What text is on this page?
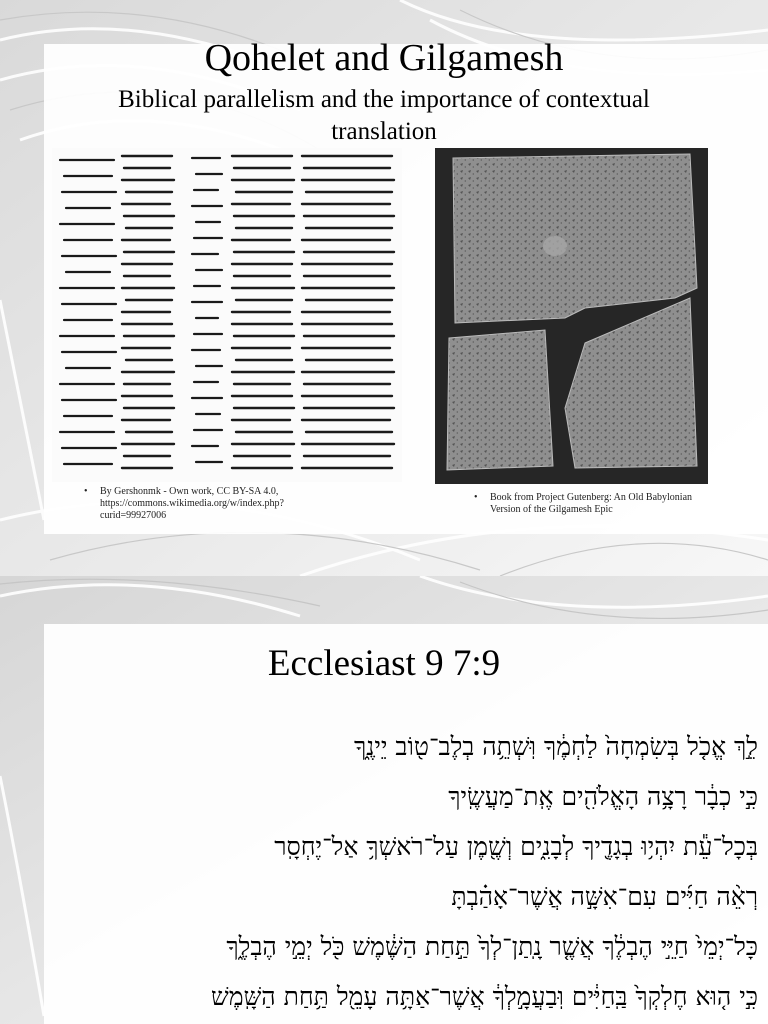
Qohelet and Gilgamesh
Biblical parallelism and the importance of contextual translation
• By Gershonmk - Own work, CC BY-SA 4.0, https://commons.wikimedia.org/w/index.php?curid=99927006
• Book from Project Gutenberg: An Old Babylonian Version of the Gilgamesh Epic
Ecclesiast 9 7:9
לֵ֣ךְ אֱכֹ֤ל בְּשִׂמְחָה֙ לַחְמֶ֔ךָ וּֽשְׁתֵ֥ה בְלֶב־ט֖וֹב יֵינֶ֑ךָ
כִּ֣י כְבָ֔ר רָצָ֥ה הָאֱלֹהִ֖ים אֶֽת־מַעֲשֶֽׂיךָ
בְּכָל־עֵ֕ת יִהְי֥וּ בְגָדֶ֖יךָ לְבָנִ֑ים וְשֶׁ֖מֶן עַל־רֹאשְׁךָ֥ אַל־יֶחְסָֽר
רְאֵ֨ה חַיִּ֜ים עִם־אִשָּׁ֣ה אֲשֶׁר־אָהַ֗בְתָּ
כָּל־יְמֵי֙ חַיֵּ֣י הֶבְלֶ֔ךָ אֲשֶׁ֤ר נָֽתַן־לְךָ֙ תַּ֣חַת הַשֶּׁ֔מֶשׁ כֹּ֖ל יְמֵ֣י הֶבְלֶ֑ךָ
כִּ֣י ה֤וּא חֶלְקְךָ֙ בַּֽחַיִּ֔ים וּֽבַעֲמָ֣לְךָ֔ אֲשֶׁר־אַתָּ֥ה עָמֵ֖ל תַּ֥חַת הַשָּֽׁמֶשׁ
